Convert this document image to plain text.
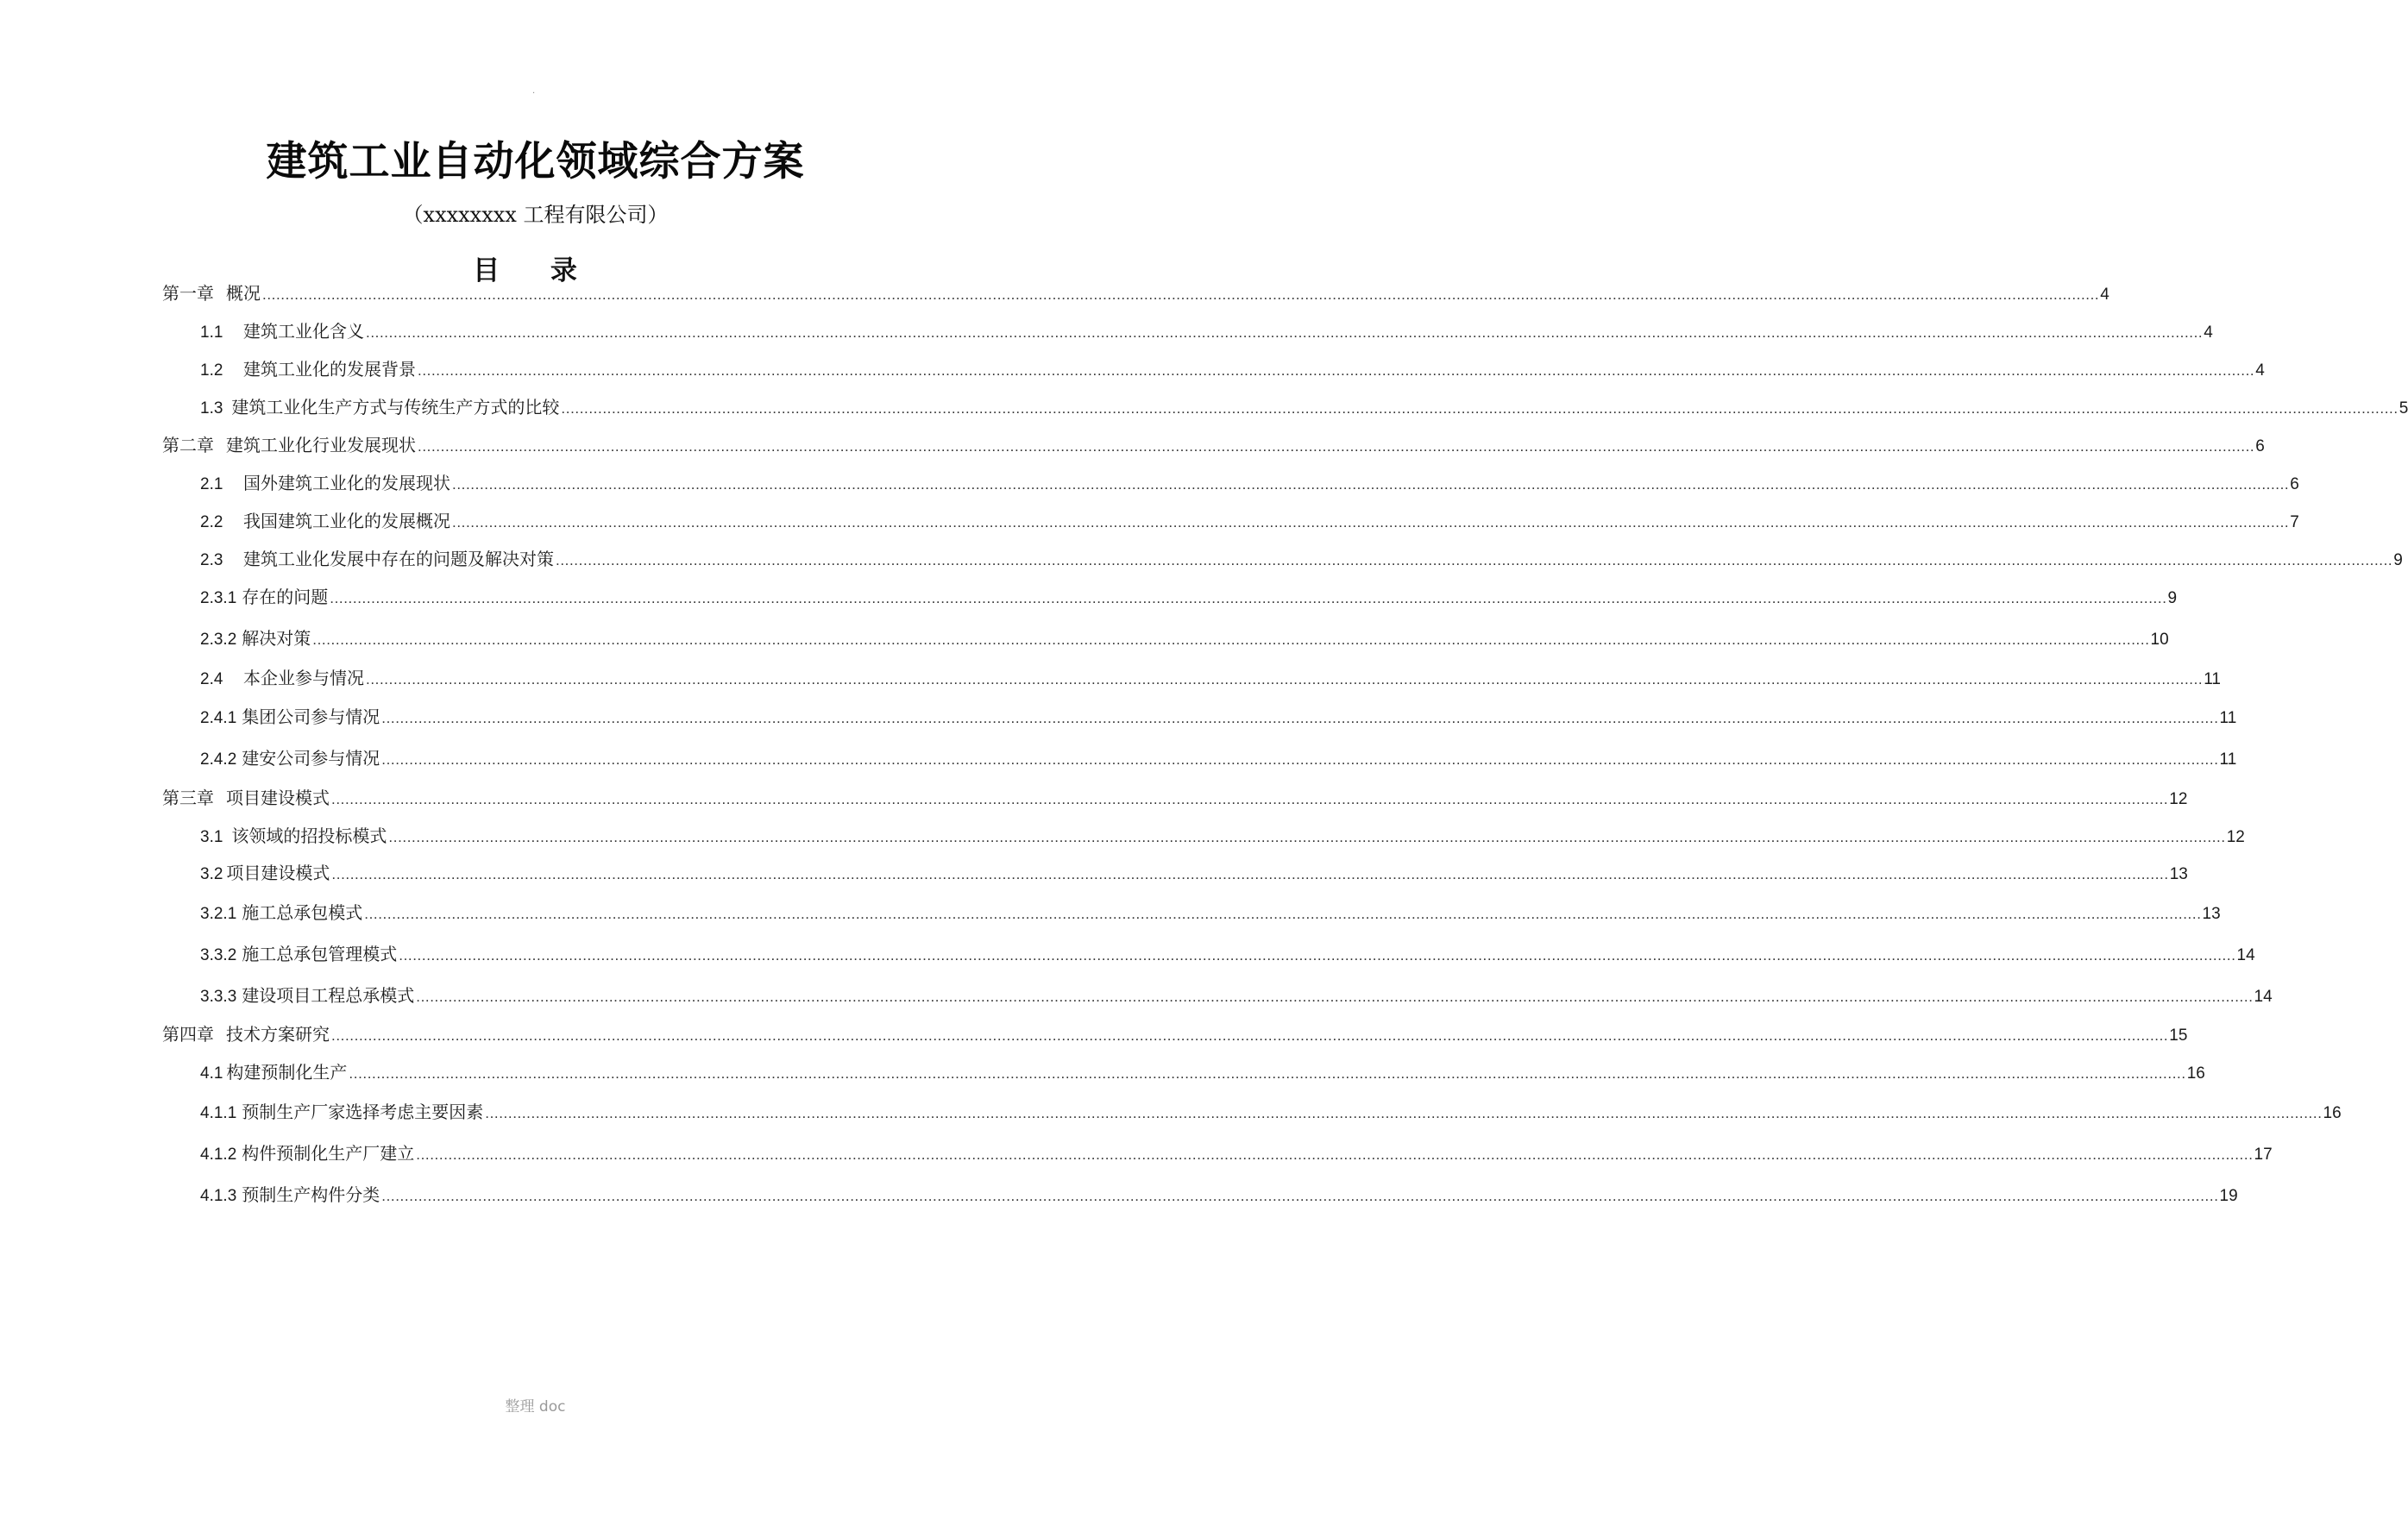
·
建筑工业自动化领域综合方案
（xxxxxxxx 工程有限公司）
目 录
第一章 概况 ................................................................................................................................................................................................................................................................................................................................................................................................................ 4
1.1	建筑工业化含义 ................................................................................................................................................................................................................................................................................................................................................................................................................ 4
1.2	建筑工业化的发展背景 ................................................................................................................................................................................................................................................................................................................................................................................................................ 4
1.3 建筑工业化生产方式与传统生产方式的比较 ................................................................................................................................................................................................................................................................................................................................................................................................................ 5
第二章 建筑工业化行业发展现状 ................................................................................................................................................................................................................................................................................................................................................................................................................ 6
2.1	国外建筑工业化的发展现状 ................................................................................................................................................................................................................................................................................................................................................................................................................ 6
2.2	我国建筑工业化的发展概况 ................................................................................................................................................................................................................................................................................................................................................................................................................ 7
2.3	建筑工业化发展中存在的问题及解决对策 ................................................................................................................................................................................................................................................................................................................................................................................................................ 9
2.3.1 存在的问题 ................................................................................................................................................................................................................................................................................................................................................................................................................ 9
2.3.2 解决对策 ................................................................................................................................................................................................................................................................................................................................................................................................................ 10
2.4	本企业参与情况 ................................................................................................................................................................................................................................................................................................................................................................................................................ 11
2.4.1 集团公司参与情况 ................................................................................................................................................................................................................................................................................................................................................................................................................ 11
2.4.2 建安公司参与情况 ................................................................................................................................................................................................................................................................................................................................................................................................................ 11
第三章 项目建设模式 ................................................................................................................................................................................................................................................................................................................................................................................................................ 12
3.1 该领域的招投标模式 ................................................................................................................................................................................................................................................................................................................................................................................................................ 12
3.2 项目建设模式 ................................................................................................................................................................................................................................................................................................................................................................................................................ 13
3.2.1 施工总承包模式 ................................................................................................................................................................................................................................................................................................................................................................................................................ 13
3.3.2 施工总承包管理模式 ................................................................................................................................................................................................................................................................................................................................................................................................................ 14
3.3.3 建设项目工程总承模式 ................................................................................................................................................................................................................................................................................................................................................................................................................ 14
第四章 技术方案研究 ................................................................................................................................................................................................................................................................................................................................................................................................................ 15
4.1 构建预制化生产 ................................................................................................................................................................................................................................................................................................................................................................................................................ 16
4.1.1 预制生产厂家选择考虑主要因素 ................................................................................................................................................................................................................................................................................................................................................................................................................ 16
4.1.2 构件预制化生产厂建立 ................................................................................................................................................................................................................................................................................................................................................................................................................ 17
4.1.3 预制生产构件分类 ................................................................................................................................................................................................................................................................................................................................................................................................................ 19
整理 doc
